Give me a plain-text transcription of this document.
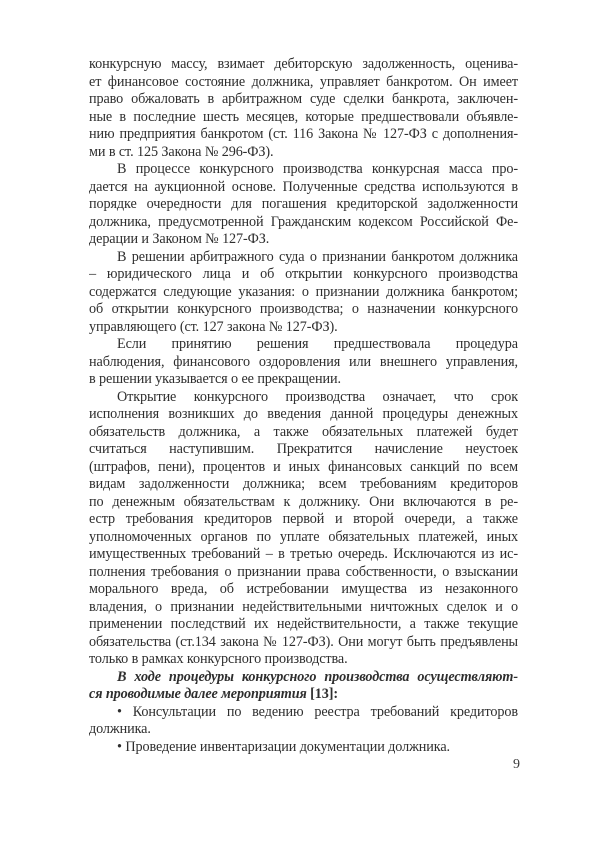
конкурсную массу, взимает дебиторскую задолженность, оценива-
ет финансовое состояние должника, управляет банкротом. Он имеет
право обжаловать в арбитражном суде сделки банкрота, заключен-
ные в последние шесть месяцев, которые предшествовали объявле-
нию предприятия банкротом (ст. 116 Закона № 127-ФЗ с дополнения-
ми в ст. 125 Закона № 296-ФЗ).
В процессе конкурсного производства конкурсная масса про-
дается на аукционной основе. Полученные средства используются в
порядке очередности для погашения кредиторской задолженности
должника, предусмотренной Гражданским кодексом Российской Фе-
дерации и Законом № 127-ФЗ.
В решении арбитражного суда о признании банкротом должника
– юридического лица и об открытии конкурсного производства
содержатся следующие указания: о признании должника банкротом;
об открытии конкурсного производства; о назначении конкурсного
управляющего (ст. 127 закона № 127-ФЗ).
Если принятию решения предшествовала процедура
наблюдения, финансового оздоровления или внешнего управления,
в решении указывается о ее прекращении.
Открытие конкурсного производства означает, что срок
исполнения возникших до введения данной процедуры денежных
обязательств должника, а также обязательных платежей будет
считаться наступившим. Прекратится начисление неустоек
(штрафов, пени), процентов и иных финансовых санкций по всем
видам задолженности должника; всем требованиям кредиторов
по денежным обязательствам к должнику. Они включаются в ре-
естр требования кредиторов первой и второй очереди, а также
уполномоченных органов по уплате обязательных платежей, иных
имущественных требований – в третью очередь. Исключаются из ис-
полнения требования о признании права собственности, о взыскании
морального вреда, об истребовании имущества из незаконного
владения, о признании недействительными ничтожных сделок и о
применении последствий их недействительности, а также текущие
обязательства (ст.134 закона № 127-ФЗ). Они могут быть предъявлены
только в рамках конкурсного производства.
В ходе процедуры конкурсного производства осуществляют-
ся проводимые далее мероприятия [13]:
• Консультации по ведению реестра требований кредиторов
должника.
• Проведение инвентаризации документации должника.
9
